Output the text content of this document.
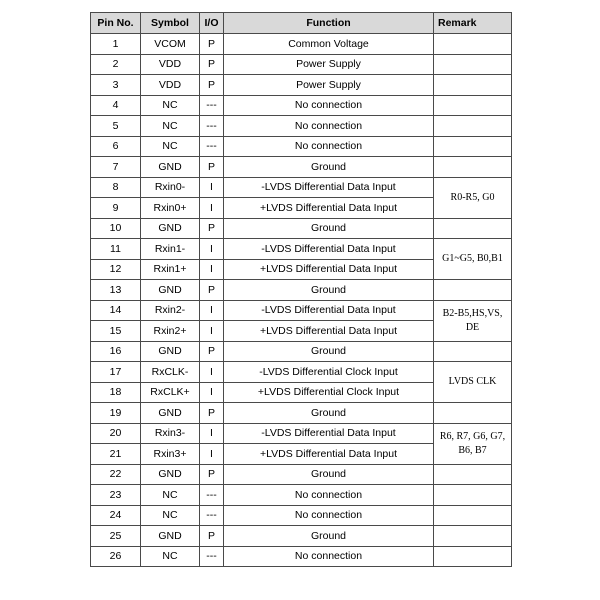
Pin No.	Symbol	I/O	Function	Remark
1	VCOM	P	Common Voltage	
2	VDD	P	Power Supply	
3	VDD	P	Power Supply	
4	NC	---	No connection	
5	NC	---	No connection	
6	NC	---	No connection	
7	GND	P	Ground	
8	Rxin0-	I	-LVDS Differential Data Input	R0-R5, G0
9	Rxin0+	I	+LVDS Differential Data Input	
10	GND	P	Ground	
11	Rxin1-	I	-LVDS Differential Data Input	G1~G5, B0,B1
12	Rxin1+	I	+LVDS Differential Data Input	
13	GND	P	Ground	
14	Rxin2-	I	-LVDS Differential Data Input	B2-B5,HS,VS, DE
15	Rxin2+	I	+LVDS Differential Data Input	
16	GND	P	Ground	
17	RxCLK-	I	-LVDS Differential Clock Input	LVDS CLK
18	RxCLK+	I	+LVDS Differential Clock Input	
19	GND	P	Ground	
20	Rxin3-	I	-LVDS Differential Data Input	R6, R7, G6, G7, B6, B7
21	Rxin3+	I	+LVDS Differential Data Input	
22	GND	P	Ground	
23	NC	---	No connection	
24	NC	---	No connection	
25	GND	P	Ground	
26	NC	---	No connection	
